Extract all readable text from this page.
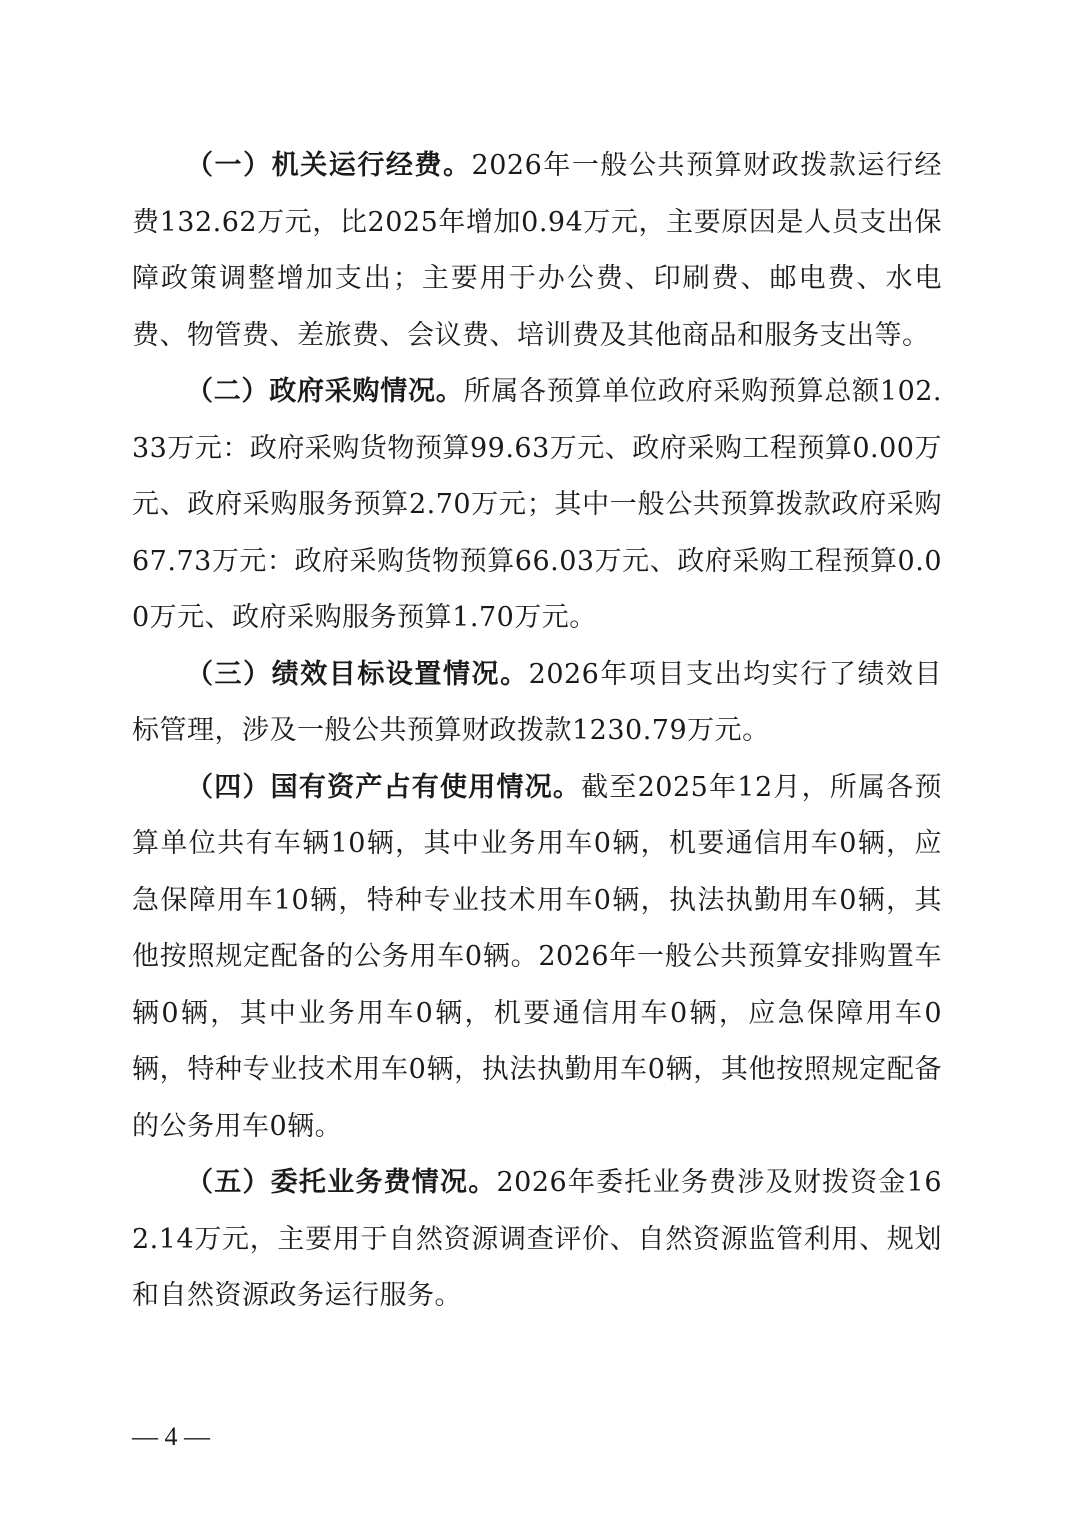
（一）机关运行经费。2026年一般公共预算财政拨款运行经费132.62万元，比2025年增加0.94万元，主要原因是人员支出保障政策调整增加支出；主要用于办公费、印刷费、邮电费、水电费、物管费、差旅费、会议费、培训费及其他商品和服务支出等。

（二）政府采购情况。所属各预算单位政府采购预算总额102.33万元：政府采购货物预算99.63万元、政府采购工程预算0.00万元、政府采购服务预算2.70万元；其中一般公共预算拨款政府采购67.73万元：政府采购货物预算66.03万元、政府采购工程预算0.00万元、政府采购服务预算1.70万元。

（三）绩效目标设置情况。2026年项目支出均实行了绩效目标管理，涉及一般公共预算财政拨款1230.79万元。

（四）国有资产占有使用情况。截至2025年12月，所属各预算单位共有车辆10辆，其中业务用车0辆，机要通信用车0辆，应急保障用车10辆，特种专业技术用车0辆，执法执勤用车0辆，其他按照规定配备的公务用车0辆。2026年一般公共预算安排购置车辆0辆，其中业务用车0辆，机要通信用车0辆，应急保障用车0辆，特种专业技术用车0辆，执法执勤用车0辆，其他按照规定配备的公务用车0辆。

（五）委托业务费情况。2026年委托业务费涉及财拨资金162.14万元，主要用于自然资源调查评价、自然资源监管利用、规划和自然资源政务运行服务。

— 4 —
